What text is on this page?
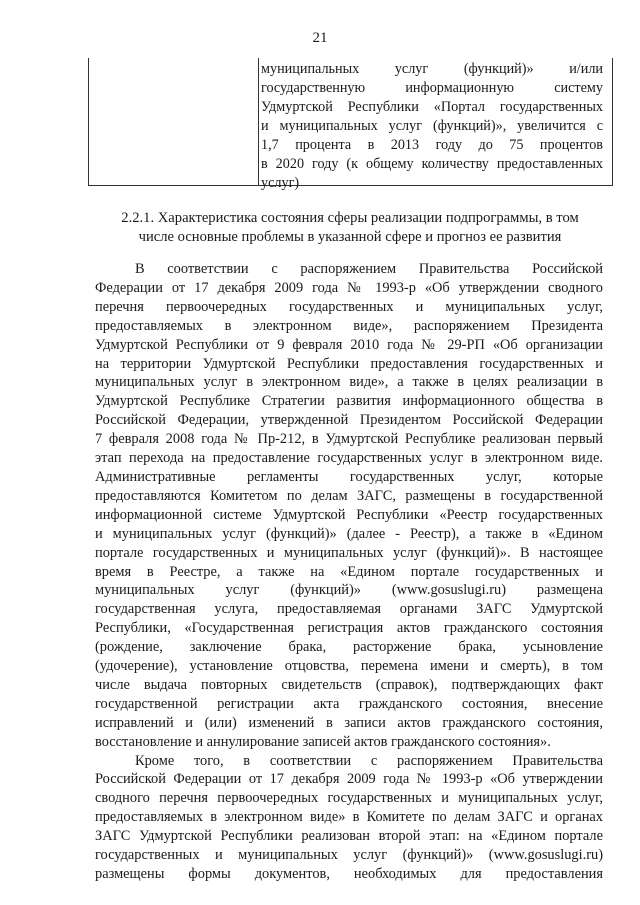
21
муниципальных услуг (функций)» и/или
государственную информационную систему
Удмуртской Республики «Портал государственных
и муниципальных услуг (функций)», увеличится с
1,7 процента в 2013 году до 75 процентов
в 2020 году (к общему количеству предоставленных
услуг)
2.2.1. Характеристика состояния сферы реализации подпрограммы, в том
числе основные проблемы в указанной сфере и прогноз ее развития
В соответствии с распоряжением Правительства Российской
Федерации от 17 декабря 2009 года № 1993-р «Об утверждении сводного
перечня первоочередных государственных и муниципальных услуг,
предоставляемых в электронном виде», распоряжением Президента
Удмуртской Республики от 9 февраля 2010 года № 29-РП «Об организации
на территории Удмуртской Республики предоставления государственных и
муниципальных услуг в электронном виде», а также в целях реализации в
Удмуртской Республике Стратегии развития информационного общества в
Российской Федерации, утвержденной Президентом Российской Федерации
7 февраля 2008 года № Пр-212, в Удмуртской Республике реализован первый
этап перехода на предоставление государственных услуг в электронном виде.
Административные регламенты государственных услуг, которые
предоставляются Комитетом по делам ЗАГС, размещены в государственной
информационной системе Удмуртской Республики «Реестр государственных
и муниципальных услуг (функций)» (далее - Реестр), а также в «Едином
портале государственных и муниципальных услуг (функций)». В настоящее
время в Реестре, а также на «Едином портале государственных и
муниципальных услуг (функций)» (www.gosuslugi.ru) размещена
государственная услуга, предоставляемая органами ЗАГС Удмуртской
Республики, «Государственная регистрация актов гражданского состояния
(рождение, заключение брака, расторжение брака, усыновление
(удочерение), установление отцовства, перемена имени и смерть), в том
числе выдача повторных свидетельств (справок), подтверждающих факт
государственной регистрации акта гражданского состояния, внесение
исправлений и (или) изменений в записи актов гражданского состояния,
восстановление и аннулирование записей актов гражданского состояния».
Кроме того, в соответствии с распоряжением Правительства
Российской Федерации от 17 декабря 2009 года № 1993-р «Об утверждении
сводного перечня первоочередных государственных и муниципальных услуг,
предоставляемых в электронном виде» в Комитете по делам ЗАГС и органах
ЗАГС Удмуртской Республики реализован второй этап: на «Едином портале
государственных и муниципальных услуг (функций)» (www.gosuslugi.ru)
размещены формы документов, необходимых для предоставления
